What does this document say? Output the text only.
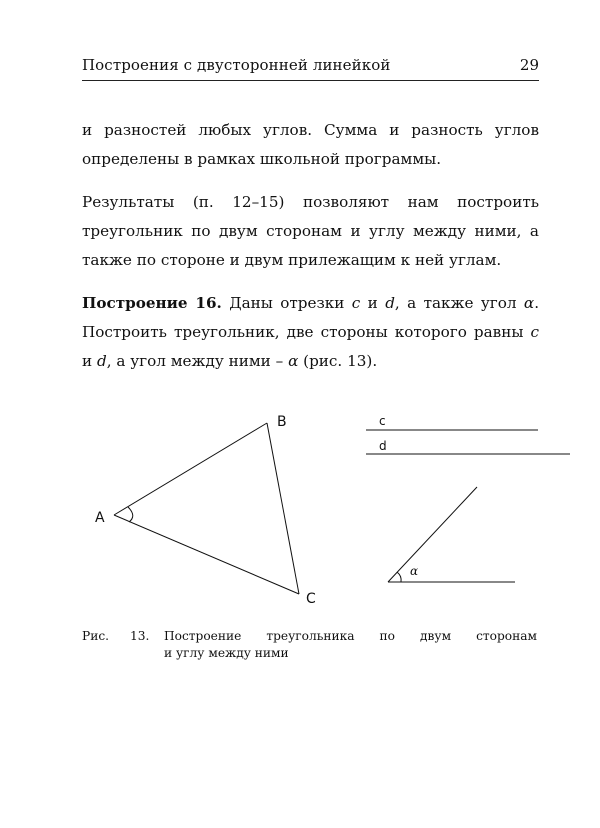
Построения с двусторонней линейкой	29

и разностей любых углов. Сумма и разность углов определены в рамках школьной программы.

Результаты (п. 12–15) позволяют нам построить треугольник по двум сторонам и углу между ними, а также по стороне и двум прилежащим к ней углам.

Построение 16. Даны отрезки c и d, а также угол α. Построить треугольник, две стороны которого равны c и d, а угол между ними – α (рис. 13).

A
B
C
c
d
α
Рис. 13. Построение треугольника по двум сторонам
и углу между ними
